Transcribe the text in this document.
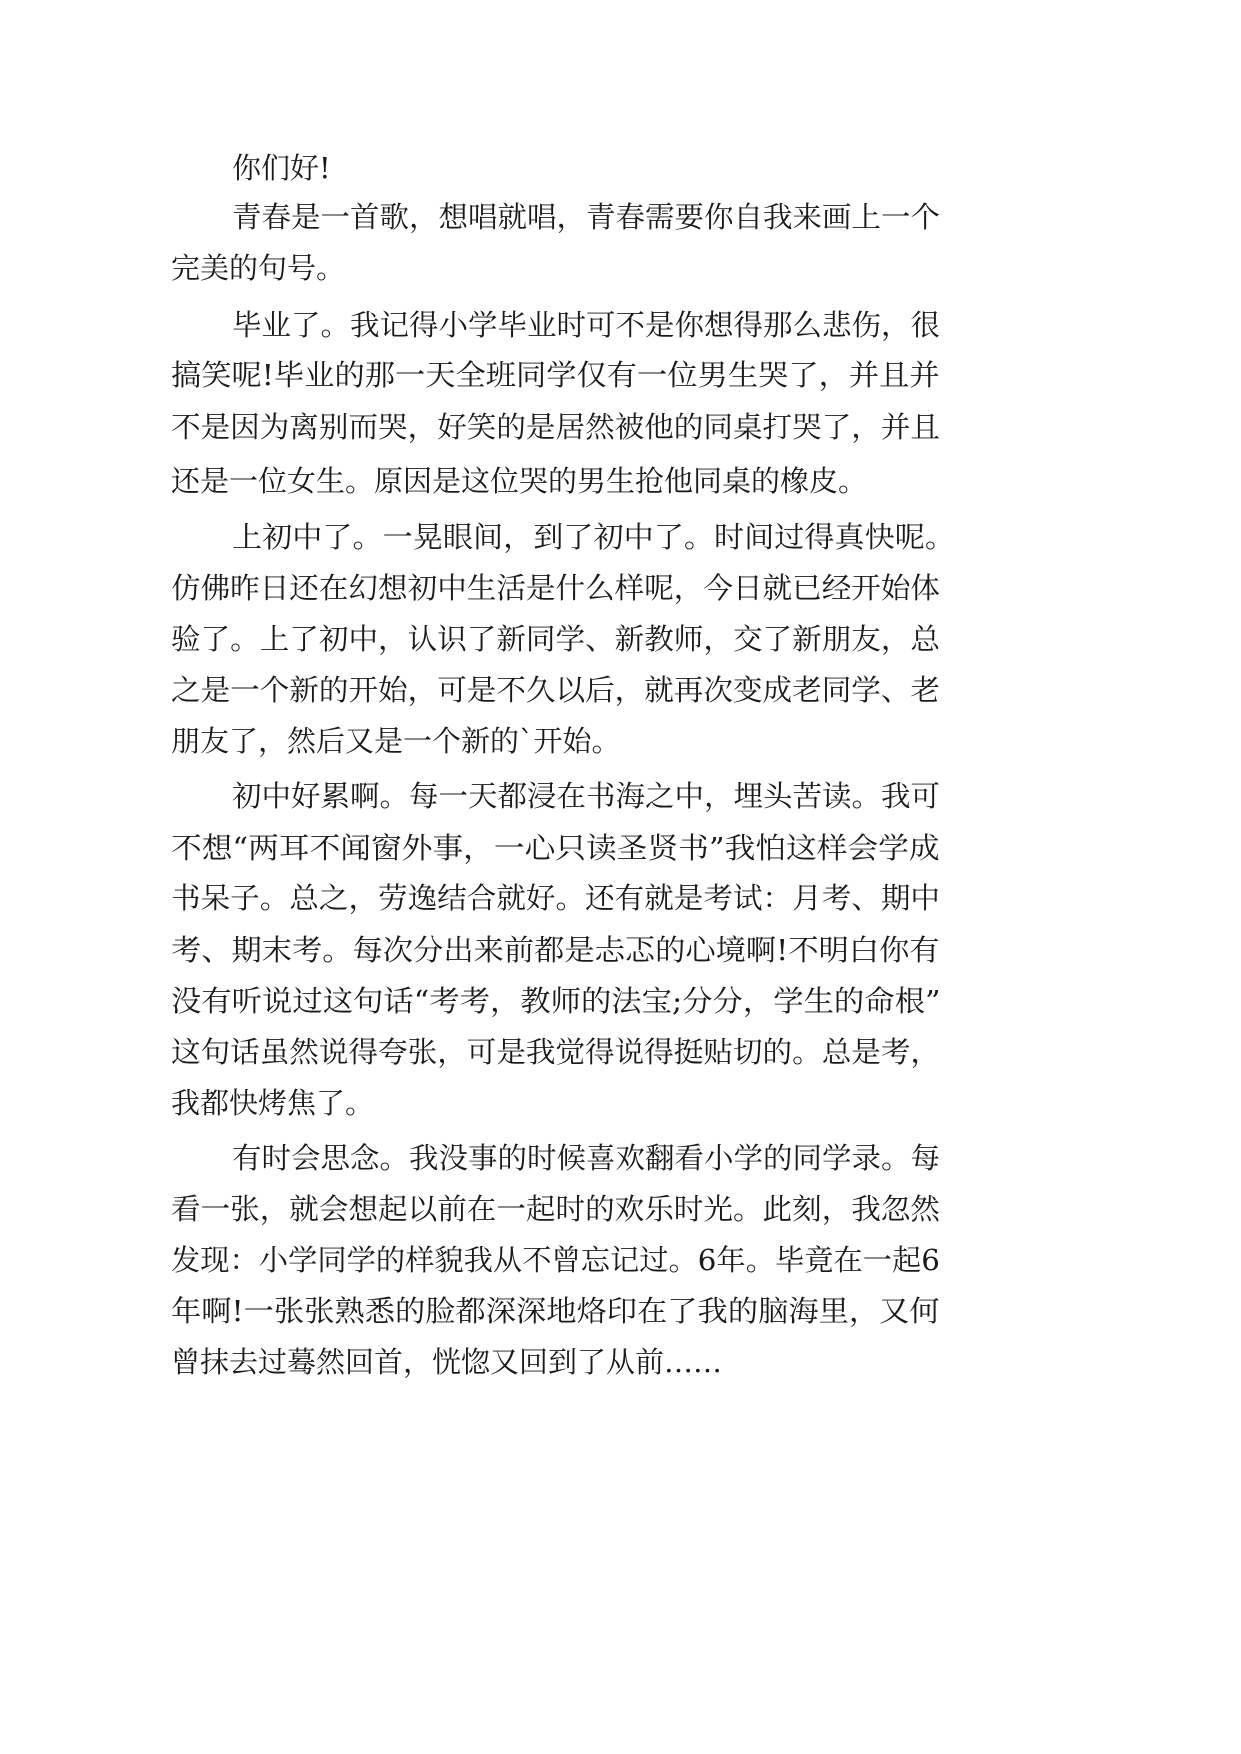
你们好!
青春是一首歌，想唱就唱，青春需要你自我来画上一个
完美的句号。
毕业了。我记得小学毕业时可不是你想得那么悲伤，很
搞笑呢!毕业的那一天全班同学仅有一位男生哭了，并且并
不是因为离别而哭，好笑的是居然被他的同桌打哭了，并且
还是一位女生。原因是这位哭的男生抢他同桌的橡皮。
上初中了。一晃眼间，到了初中了。时间过得真快呢。
仿佛昨日还在幻想初中生活是什么样呢，今日就已经开始体
验了。上了初中，认识了新同学、新教师，交了新朋友，总
之是一个新的开始，可是不久以后，就再次变成老同学、老
朋友了，然后又是一个新的`开始。
初中好累啊。每一天都浸在书海之中，埋头苦读。我可
不想“两耳不闻窗外事，一心只读圣贤书”我怕这样会学成
书呆子。总之，劳逸结合就好。还有就是考试：月考、期中
考、期末考。每次分出来前都是忐忑的心境啊!不明白你有
没有听说过这句话“考考，教师的法宝;分分，学生的命根”
这句话虽然说得夸张，可是我觉得说得挺贴切的。总是考，
我都快烤焦了。
有时会思念。我没事的时候喜欢翻看小学的同学录。每
看一张，就会想起以前在一起时的欢乐时光。此刻，我忽然
发现：小学同学的样貌我从不曾忘记过。6年。毕竟在一起6
年啊!一张张熟悉的脸都深深地烙印在了我的脑海里，又何
曾抹去过蓦然回首，恍惚又回到了从前……
